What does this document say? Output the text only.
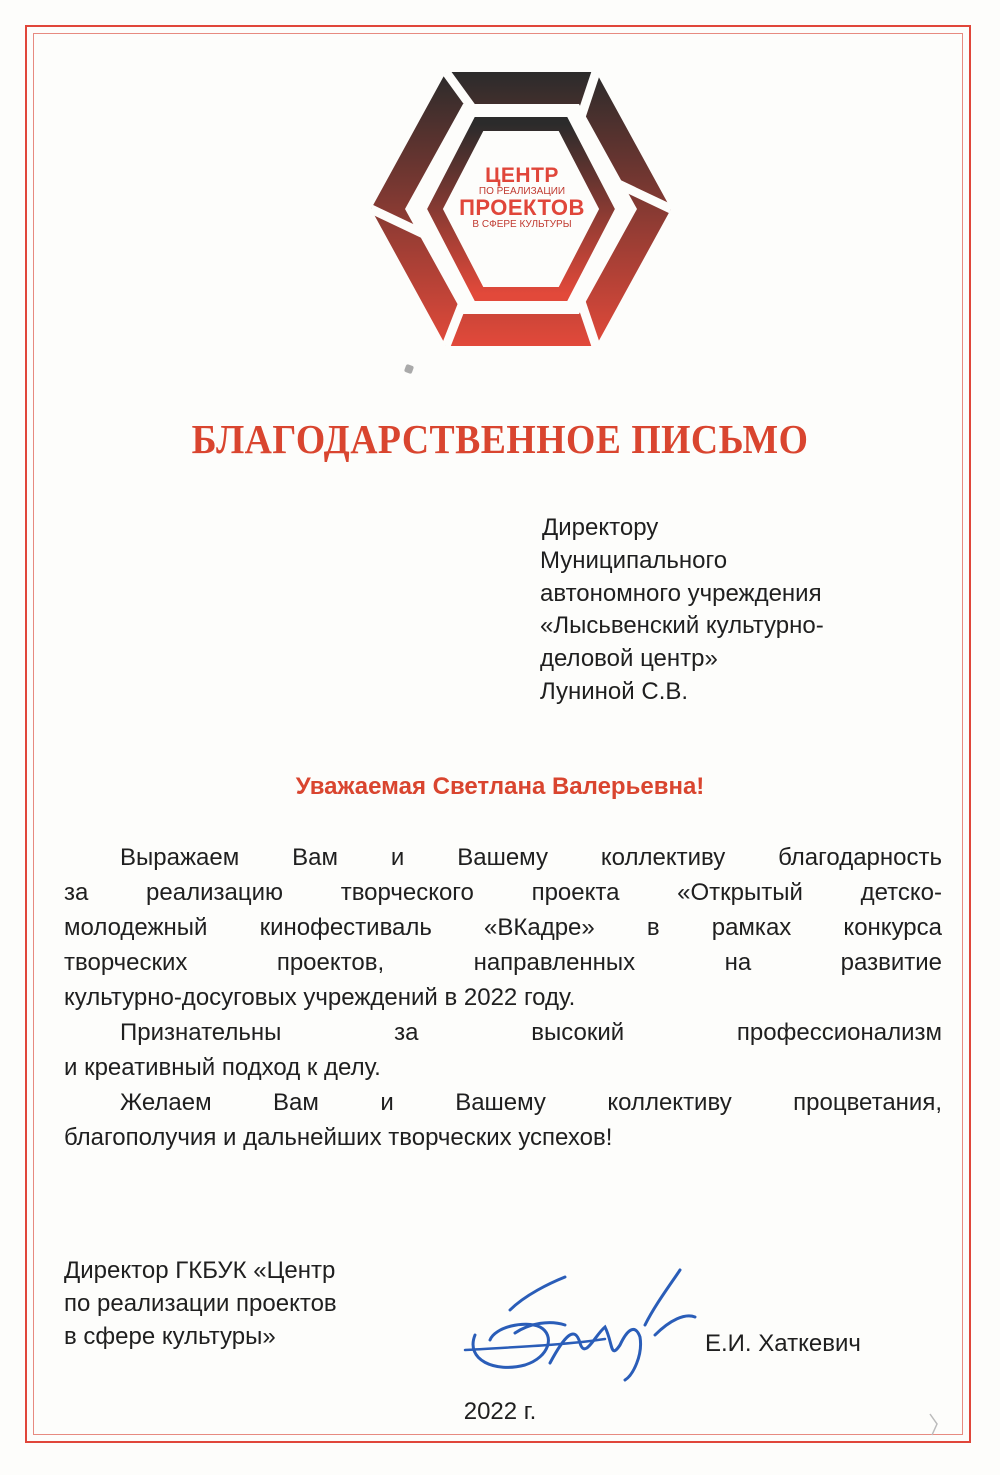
ЦЕНТР
ПО РЕАЛИЗАЦИИ
ПРОЕКТОВ
В СФЕРЕ КУЛЬТУРЫ
БЛАГОДАРСТВЕННОЕ ПИСЬМО
Директору
Муниципального
автономного учреждения
«Лысьвенский культурно-
деловой центр»
Луниной С.В.
Уважаемая Светлана Валерьевна!

Выражаем Вам и Вашему коллективу благодарность

за реализацию творческого проекта «Открытый детско-

молодежный кинофестиваль «ВКадре» в рамках конкурса

творческих проектов, направленных на развитие

культурно-досуговых учреждений в 2022 году.

Признательны за высокий профессионализм

и креативный подход к делу.

Желаем Вам и Вашему коллективу процветания,

благополучия и дальнейших творческих успехов!

Директор ГКБУК «Центр
по реализации проектов
в сфере культуры»	Е.И. Хаткевич
2022 г.
